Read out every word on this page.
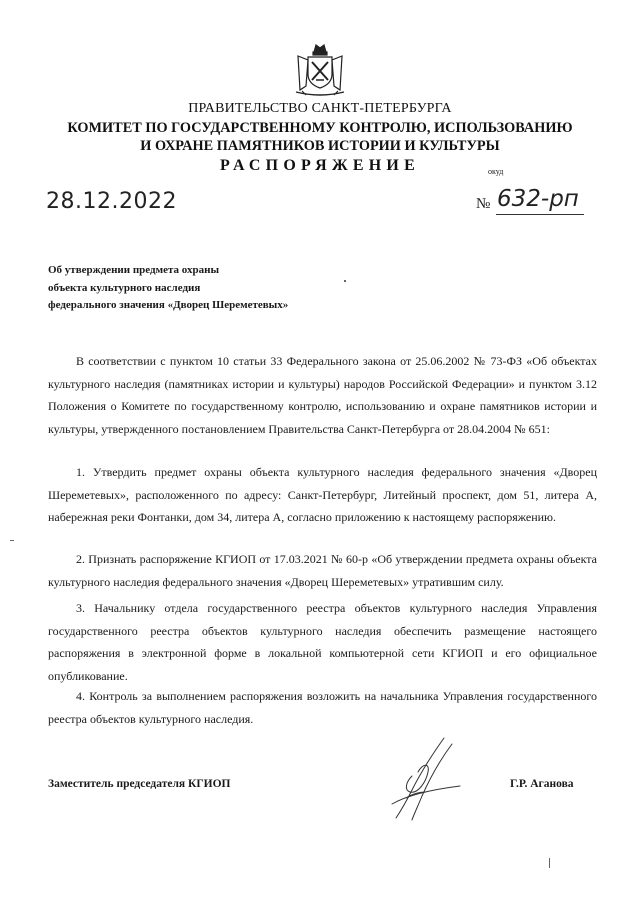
ПРАВИТЕЛЬСТВО САНКТ-ПЕТЕРБУРГА
КОМИТЕТ ПО ГОСУДАРСТВЕННОМУ КОНТРОЛЮ, ИСПОЛЬЗОВАНИЮ
И ОХРАНЕ ПАМЯТНИКОВ ИСТОРИИ И КУЛЬТУРЫ
РАСПОРЯЖЕНИЕ	окуд
28.12.2022	№ 632-рп
Об утверждении предмета охраны
объекта культурного наследия
федерального значения «Дворец Шереметевых»

В соответствии с пунктом 10 статьи 33 Федерального закона от 25.06.2002 № 73-ФЗ «Об объектах культурного наследия (памятниках истории и культуры) народов Российской Федерации» и пунктом 3.12 Положения о Комитете по государственному контролю, использованию и охране памятников истории и культуры, утвержденного постановлением Правительства Санкт-Петербурга от 28.04.2004 № 651:

1. Утвердить предмет охраны объекта культурного наследия федерального значения «Дворец Шереметевых», расположенного по адресу: Санкт-Петербург, Литейный проспект, дом 51, литера А, набережная реки Фонтанки, дом 34, литера А, согласно приложению к настоящему распоряжению.

2. Признать распоряжение КГИОП от 17.03.2021 № 60-р «Об утверждении предмета охраны объекта культурного наследия федерального значения «Дворец Шереметевых» утратившим силу.

3. Начальнику отдела государственного реестра объектов культурного наследия Управления государственного реестра объектов культурного наследия обеспечить размещение настоящего распоряжения в электронной форме в локальной компьютерной сети КГИОП и его официальное опубликование.

4. Контроль за выполнением распоряжения возложить на начальника Управления государственного реестра объектов культурного наследия.

Заместитель председателя КГИОП	Г.Р. Аганова
